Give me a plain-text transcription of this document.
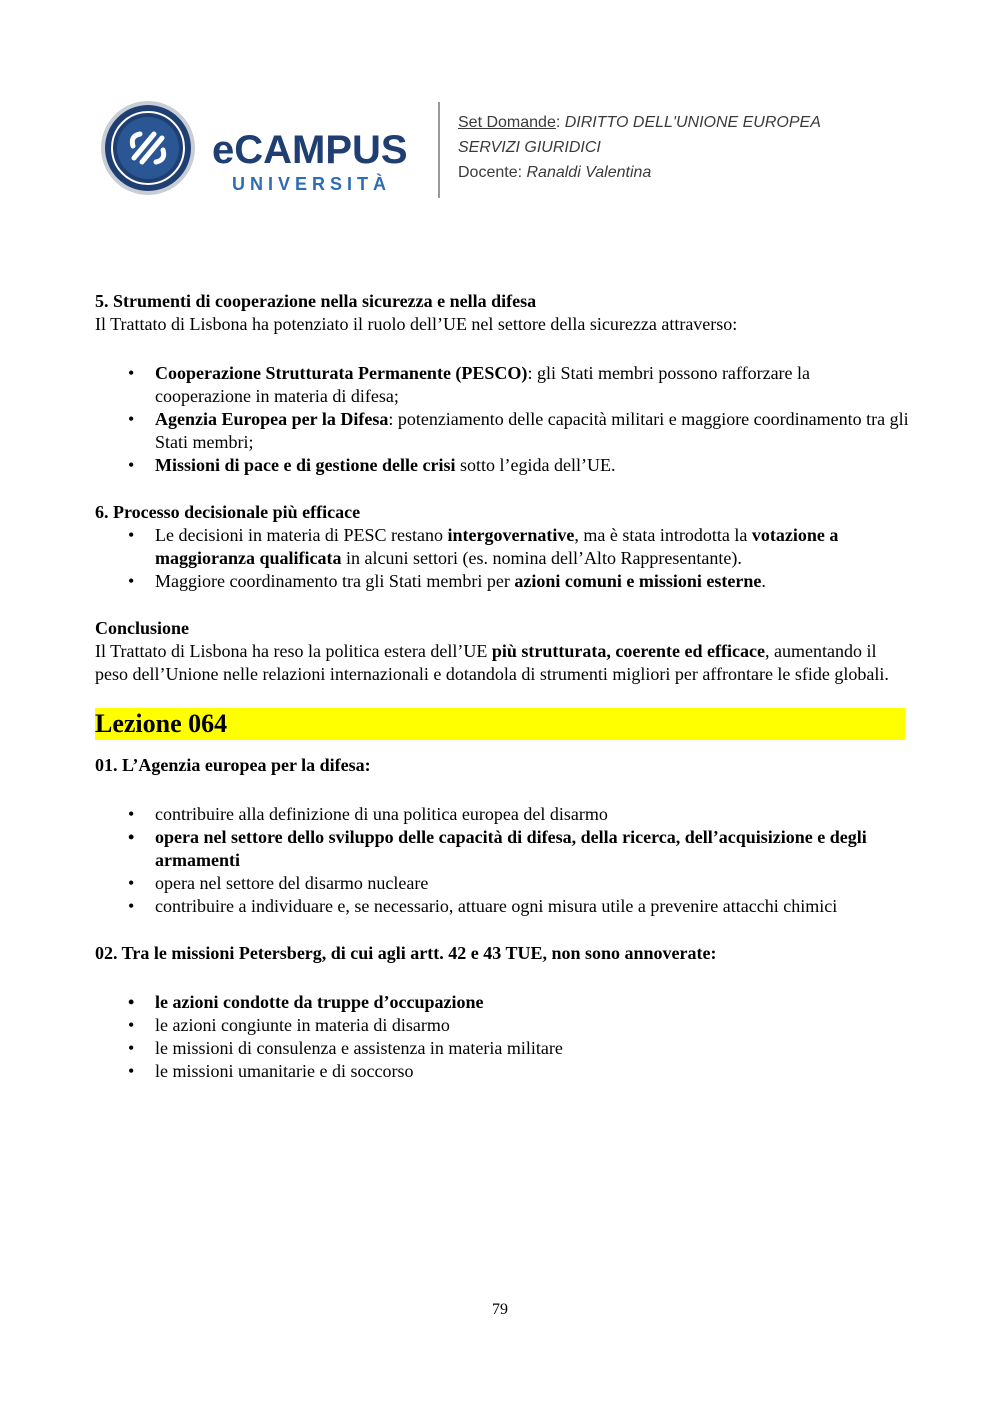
eCAMPUS
UNIVERSITÀ
Set Domande: DIRITTO DELL'UNIONE EUROPEA
SERVIZI GIURIDICI
Docente: Ranaldi Valentina

5. Strumenti di cooperazione nella sicurezza e nella difesa

Il Trattato di Lisbona ha potenziato il ruolo dell’UE nel settore della sicurezza attraverso:

• Cooperazione Strutturata Permanente (PESCO): gli Stati membri possono rafforzare la cooperazione in materia di difesa;
• Agenzia Europea per la Difesa: potenziamento delle capacità militari e maggiore coordinamento tra gli Stati membri;
• Missioni di pace e di gestione delle crisi sotto l’egida dell’UE.

6. Processo decisionale più efficace

• Le decisioni in materia di PESC restano intergovernative, ma è stata introdotta la votazione a maggioranza qualificata in alcuni settori (es. nomina dell’Alto Rappresentante).
• Maggiore coordinamento tra gli Stati membri per azioni comuni e missioni esterne.

Conclusione

Il Trattato di Lisbona ha reso la politica estera dell’UE più strutturata, coerente ed efficace, aumentando il peso dell’Unione nelle relazioni internazionali e dotandola di strumenti migliori per affrontare le sfide globali.

Lezione 064

01. L’Agenzia europea per la difesa:

• contribuire alla definizione di una politica europea del disarmo
• opera nel settore dello sviluppo delle capacità di difesa, della ricerca, dell’acquisizione e degli armamenti
• opera nel settore del disarmo nucleare
• contribuire a individuare e, se necessario, attuare ogni misura utile a prevenire attacchi chimici

02. Tra le missioni Petersberg, di cui agli artt. 42 e 43 TUE, non sono annoverate:

• le azioni condotte da truppe d’occupazione
• le azioni congiunte in materia di disarmo
• le missioni di consulenza e assistenza in materia militare
• le missioni umanitarie e di soccorso
79
